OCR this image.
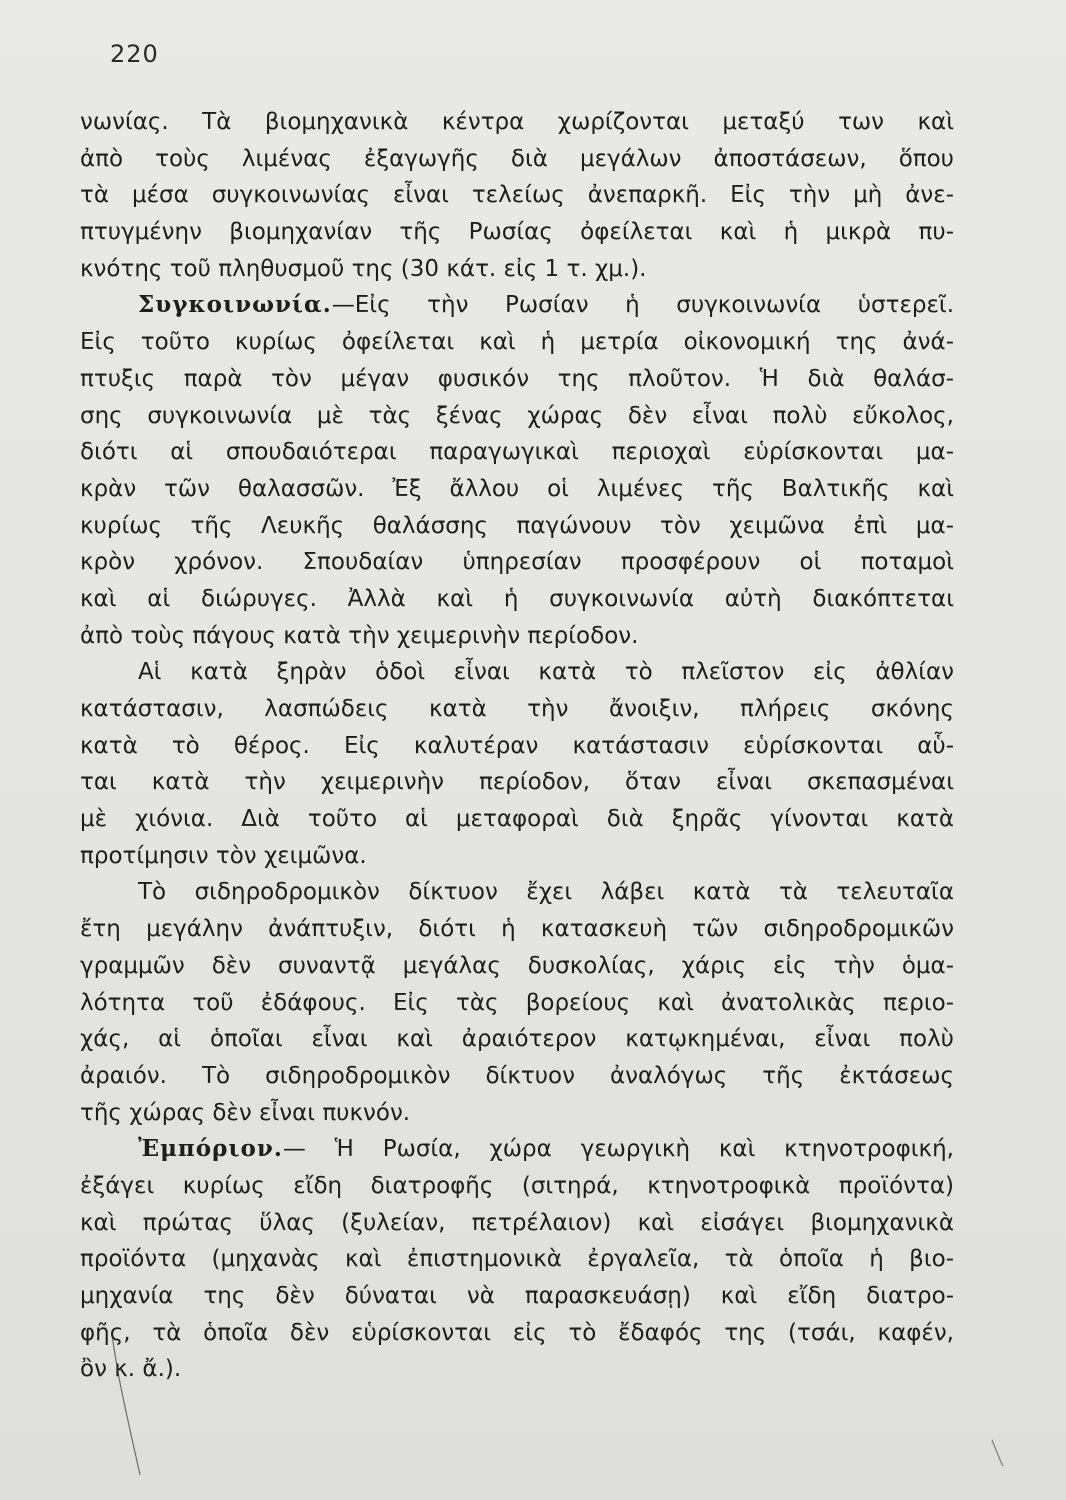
220
νωνίας. Τὰ βιομηχανικὰ κέντρα χωρίζονται μεταξύ των καὶ
ἀπὸ τοὺς λιμένας ἐξαγωγῆς διὰ μεγάλων ἀποστάσεων, ὅπου
τὰ μέσα συγκοινωνίας εἶναι τελείως ἀνεπαρκῆ. Εἰς τὴν μὴ ἀνε-
πτυγμένην βιομηχανίαν τῆς Ρωσίας ὀφείλεται καὶ ἡ μικρὰ πυ-
κνότης τοῦ πληθυσμοῦ της (30 κάτ. εἰς 1 τ. χμ.).
Συγκοινωνία.—Εἰς τὴν Ρωσίαν ἡ συγκοινωνία ὑστερεῖ.
Εἰς τοῦτο κυρίως ὀφείλεται καὶ ἡ μετρία οἰκονομική της ἀνά-
πτυξις παρὰ τὸν μέγαν φυσικόν της πλοῦτον. Ἡ διὰ θαλάσ-
σης συγκοινωνία μὲ τὰς ξένας χώρας δὲν εἶναι πολὺ εὔκολος,
διότι αἱ σπουδαιότεραι παραγωγικαὶ περιοχαὶ εὑρίσκονται μα-
κρὰν τῶν θαλασσῶν. Ἐξ ἄλλου οἱ λιμένες τῆς Βαλτικῆς καὶ
κυρίως τῆς Λευκῆς θαλάσσης παγώνουν τὸν χειμῶνα ἐπὶ μα-
κρὸν χρόνον. Σπουδαίαν ὑπηρεσίαν προσφέρουν οἱ ποταμοὶ
καὶ αἱ διώρυγες. Ἀλλὰ καὶ ἡ συγκοινωνία αὐτὴ διακόπτεται
ἀπὸ τοὺς πάγους κατὰ τὴν χειμερινὴν περίοδον.
Αἱ κατὰ ξηρὰν ὁδοὶ εἶναι κατὰ τὸ πλεῖστον εἰς ἀθλίαν
κατάστασιν, λασπώδεις κατὰ τὴν ἄνοιξιν, πλήρεις σκόνης
κατὰ τὸ θέρος. Εἰς καλυτέραν κατάστασιν εὑρίσκονται αὗ-
ται κατὰ τὴν χειμερινὴν περίοδον, ὅταν εἶναι σκεπασμέναι
μὲ χιόνια. Διὰ τοῦτο αἱ μεταφοραὶ διὰ ξηρᾶς γίνονται κατὰ
προτίμησιν τὸν χειμῶνα.
Τὸ σιδηροδρομικὸν δίκτυον ἔχει λάβει κατὰ τὰ τελευταῖα
ἔτη μεγάλην ἀνάπτυξιν, διότι ἡ κατασκευὴ τῶν σιδηροδρομικῶν
γραμμῶν δὲν συναντᾷ μεγάλας δυσκολίας, χάρις εἰς τὴν ὁμα-
λότητα τοῦ ἐδάφους. Εἰς τὰς βορείους καὶ ἀνατολικὰς περιο-
χάς, αἱ ὁποῖαι εἶναι καὶ ἀραιότερον κατῳκημέναι, εἶναι πολὺ
ἀραιόν. Τὸ σιδηροδρομικὸν δίκτυον ἀναλόγως τῆς ἐκτάσεως
τῆς χώρας δὲν εἶναι πυκνόν.
Ἐμπόριον.— Ἡ Ρωσία, χώρα γεωργικὴ καὶ κτηνοτροφική,
ἐξάγει κυρίως εἴδη διατροφῆς (σιτηρά, κτηνοτροφικὰ προϊόντα)
καὶ πρώτας ὕλας (ξυλείαν, πετρέλαιον) καὶ εἰσάγει βιομηχανικὰ
προϊόντα (μηχανὰς καὶ ἐπιστημονικὰ ἐργαλεῖα, τὰ ὁποῖα ἡ βιο-
μηχανία της δὲν δύναται νὰ παρασκευάσῃ) καὶ εἴδη διατρο-
φῆς, τὰ ὁποῖα δὲν εὑρίσκονται εἰς τὸ ἔδαφός της (τσάι, καφέν,
ὂν κ. ἄ.).
